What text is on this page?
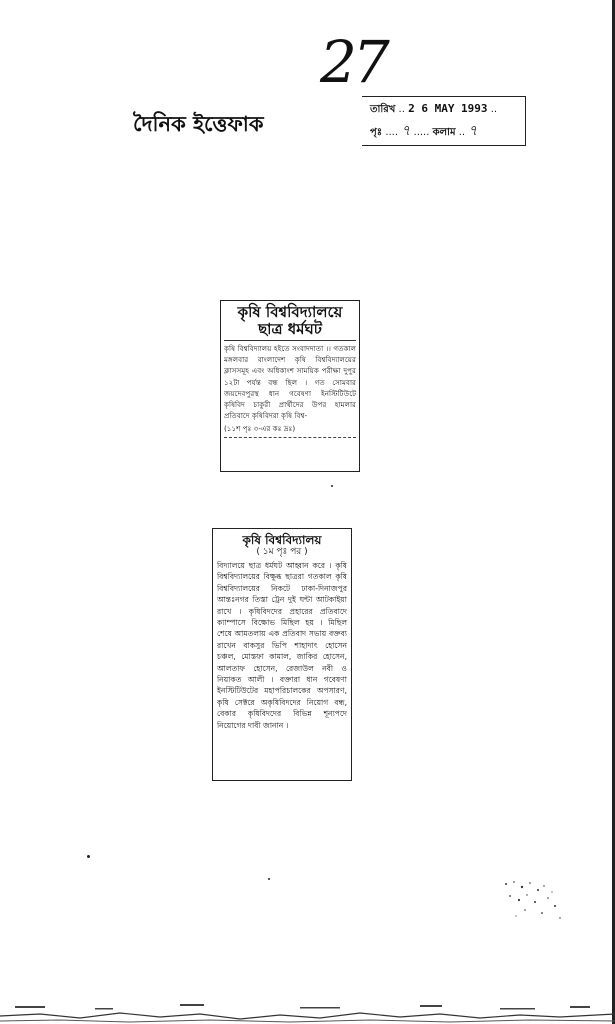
27
দৈনিক ইত্তেফাক
তারিখ .. 2 6 MAY 1993 ..
পৃঃ .... ৭ ..... কলাম .. ৭
কৃষি বিশ্ববিদ্যালয়ে
ছাত্র ধর্মঘট
কৃষি বিশ্ববিদ্যালয় হইতে সংবাদদাতা ।। গতকাল মঙ্গলবার বাংলাদেশ কৃষি বিশ্ববিদ্যালয়ের ক্লাসসমূহ এবং অধিকাংশ সাময়িক পরীক্ষা দুপুর ১২টা পর্যন্ত বন্ধ ছিল । গত সোমবার জয়দেবপুরস্থ ধান গবেষণা ইনস্টিটিউটে কৃষিবিদ চাকুরী প্রার্থীদের উপর হামলার প্রতিবাদে কৃষিবিদরা কৃষি বিশ্ব-
(১১শ পৃঃ ৩-এর কঃ দ্রঃ)
কৃষি বিশ্ববিদ্যালয়
( ১ম পৃঃ পর )
বিদ্যালয়ে ছাত্র ধর্মঘট আহ্বান করে । কৃষি বিশ্ববিদ্যালয়ের বিক্ষুব্ধ ছাত্ররা গতকাল কৃষি বিশ্ববিদ্যালয়ের নিকটে ঢাকা-দিনাজপুর আন্তঃনগর তিস্তা ট্রেন দুই ঘন্টা আটকাইয়া রাখে । কৃষিবিদদের প্রহারের প্রতিবাদে ক্যাম্পাসে বিক্ষোভ মিছিল হয় । মিছিল শেষে আমতলায় এক প্রতিবাদ সভায় বক্তব্য রাখেন বাকসুর ভিপি শাহাদাৎ হোসেন চঞ্চল, মোস্তফা কামাল, জাকির হোসেন, আলতাফ হোসেন, রেজাউল নবী ও নিয়াকত আলী । বক্তারা ধান গবেষণা ইনস্টিটিউটের মহাপরিচালকের অপসারণ, কৃষি সেক্টরে অকৃষিবিদদের নিয়োগ বন্ধ, বেকার কৃষিবিদদের বিভিন্ন শূন্যপদে নিয়োগের দাবী জানান ।
